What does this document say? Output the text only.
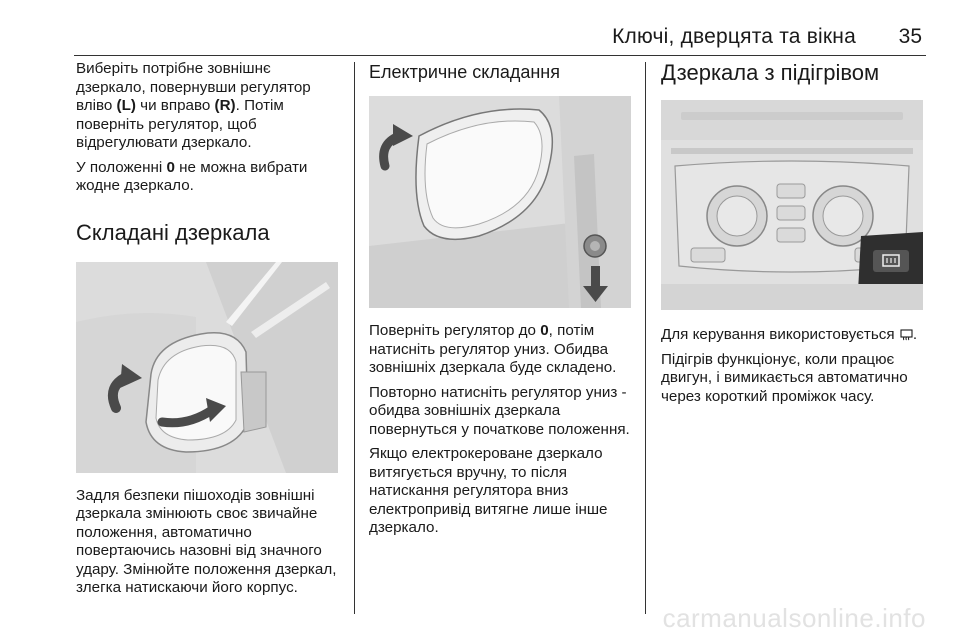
Ключі, дверцята та вікна 35

Виберіть потрібне зовнішнє дзеркало, повернувши регулятор вліво (L) чи вправо (R). Потім поверніть регулятор, щоб відрегулювати дзеркало.

У положенні 0 не можна вибрати жодне дзеркало.

Складані дзеркала

Задля безпеки пішоходів зовнішні дзеркала змінюють своє звичайне положення, автоматично повертаючись назовні від значного удару. Змінюйте положення дзеркал, злегка натискаючи його корпус.

Електричне складання

Поверніть регулятор до 0, потім натисніть регулятор униз. Обидва зовнішніх дзеркала буде складено.

Повторно натисніть регулятор униз - обидва зовнішніх дзеркала повернуться у початкове положення.

Якщо електрокероване дзеркало витягується вручну, то після натискання регулятора вниз електропривід витягне лише інше дзеркало.

Дзеркала з підігрівом

Для керування використовується .

Підігрів функціонує, коли працює двигун, і вимикається автоматично через короткий проміжок часу.

carmanualsonline.info
